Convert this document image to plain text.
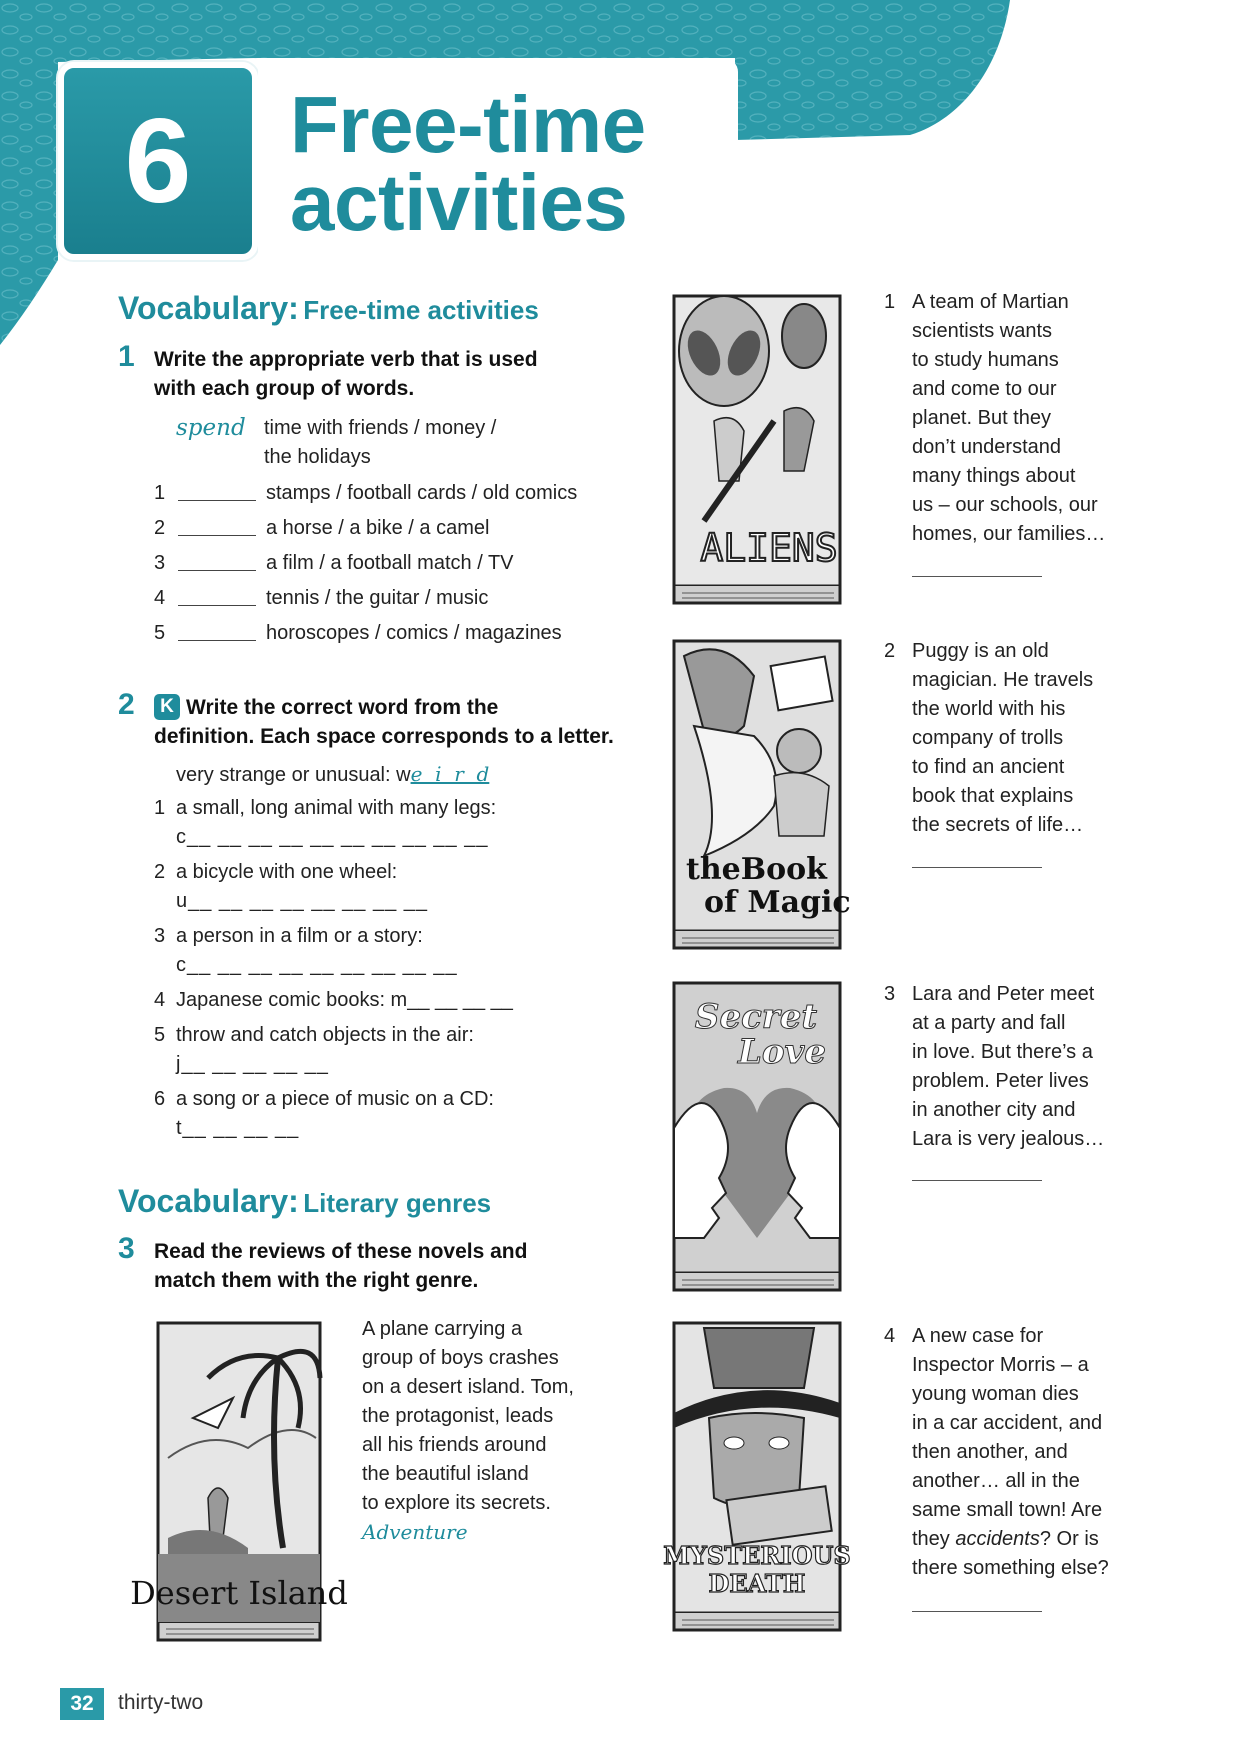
6	Free-time
activities
Vocabulary: Free-time activities
1 Write the appropriate verb that is used
with each group of words.
spend time with friends / money /
the holidays
1	stamps / football cards / old comics
2	a horse / a bike / a camel
3	a film / a football match / TV
4	tennis / the guitar / music
5	horoscopes / comics / magazines
2	K Write the correct word from the
definition. Each space corresponds to a letter.
very strange or unusual: we  i  r  d
1 a small, long animal with many legs:
c__ __ __ __ __ __ __ __ __ __
2 a bicycle with one wheel:
u__ __ __ __ __ __ __ __
3 a person in a film or a story:
c__ __ __ __ __ __ __ __ __
4 Japanese comic books: m__ __ __ __
5 throw and catch objects in the air:
j__ __ __ __ __
6 a song or a piece of music on a CD:
t__ __ __ __
Vocabulary: Literary genres
3 Read the reviews of these novels and
match them with the right genre.
Desert Island
A plane carrying a
group of boys crashes
on a desert island. Tom,
the protagonist, leads
all his friends around
the beautiful island
to explore its secrets.
Adventure
ALIENS
theBook
of Magic
Secret
Love
MYSTERIOUS
DEATH
1 A team of Martian
scientists wants
to study humans
and come to our
planet. But they
don’t understand
many things about
us – our schools, our
homes, our families…
2 Puggy is an old
magician. He travels
the world with his
company of trolls
to find an ancient
book that explains
the secrets of life…
3 Lara and Peter meet
at a party and fall
in love. But there’s a
problem. Peter lives
in another city and
Lara is very jealous…
4 A new case for
Inspector Morris – a
young woman dies
in a car accident, and
then another, and
another… all in the
same small town! Are
they accidents? Or is
there something else?
32	thirty-two
